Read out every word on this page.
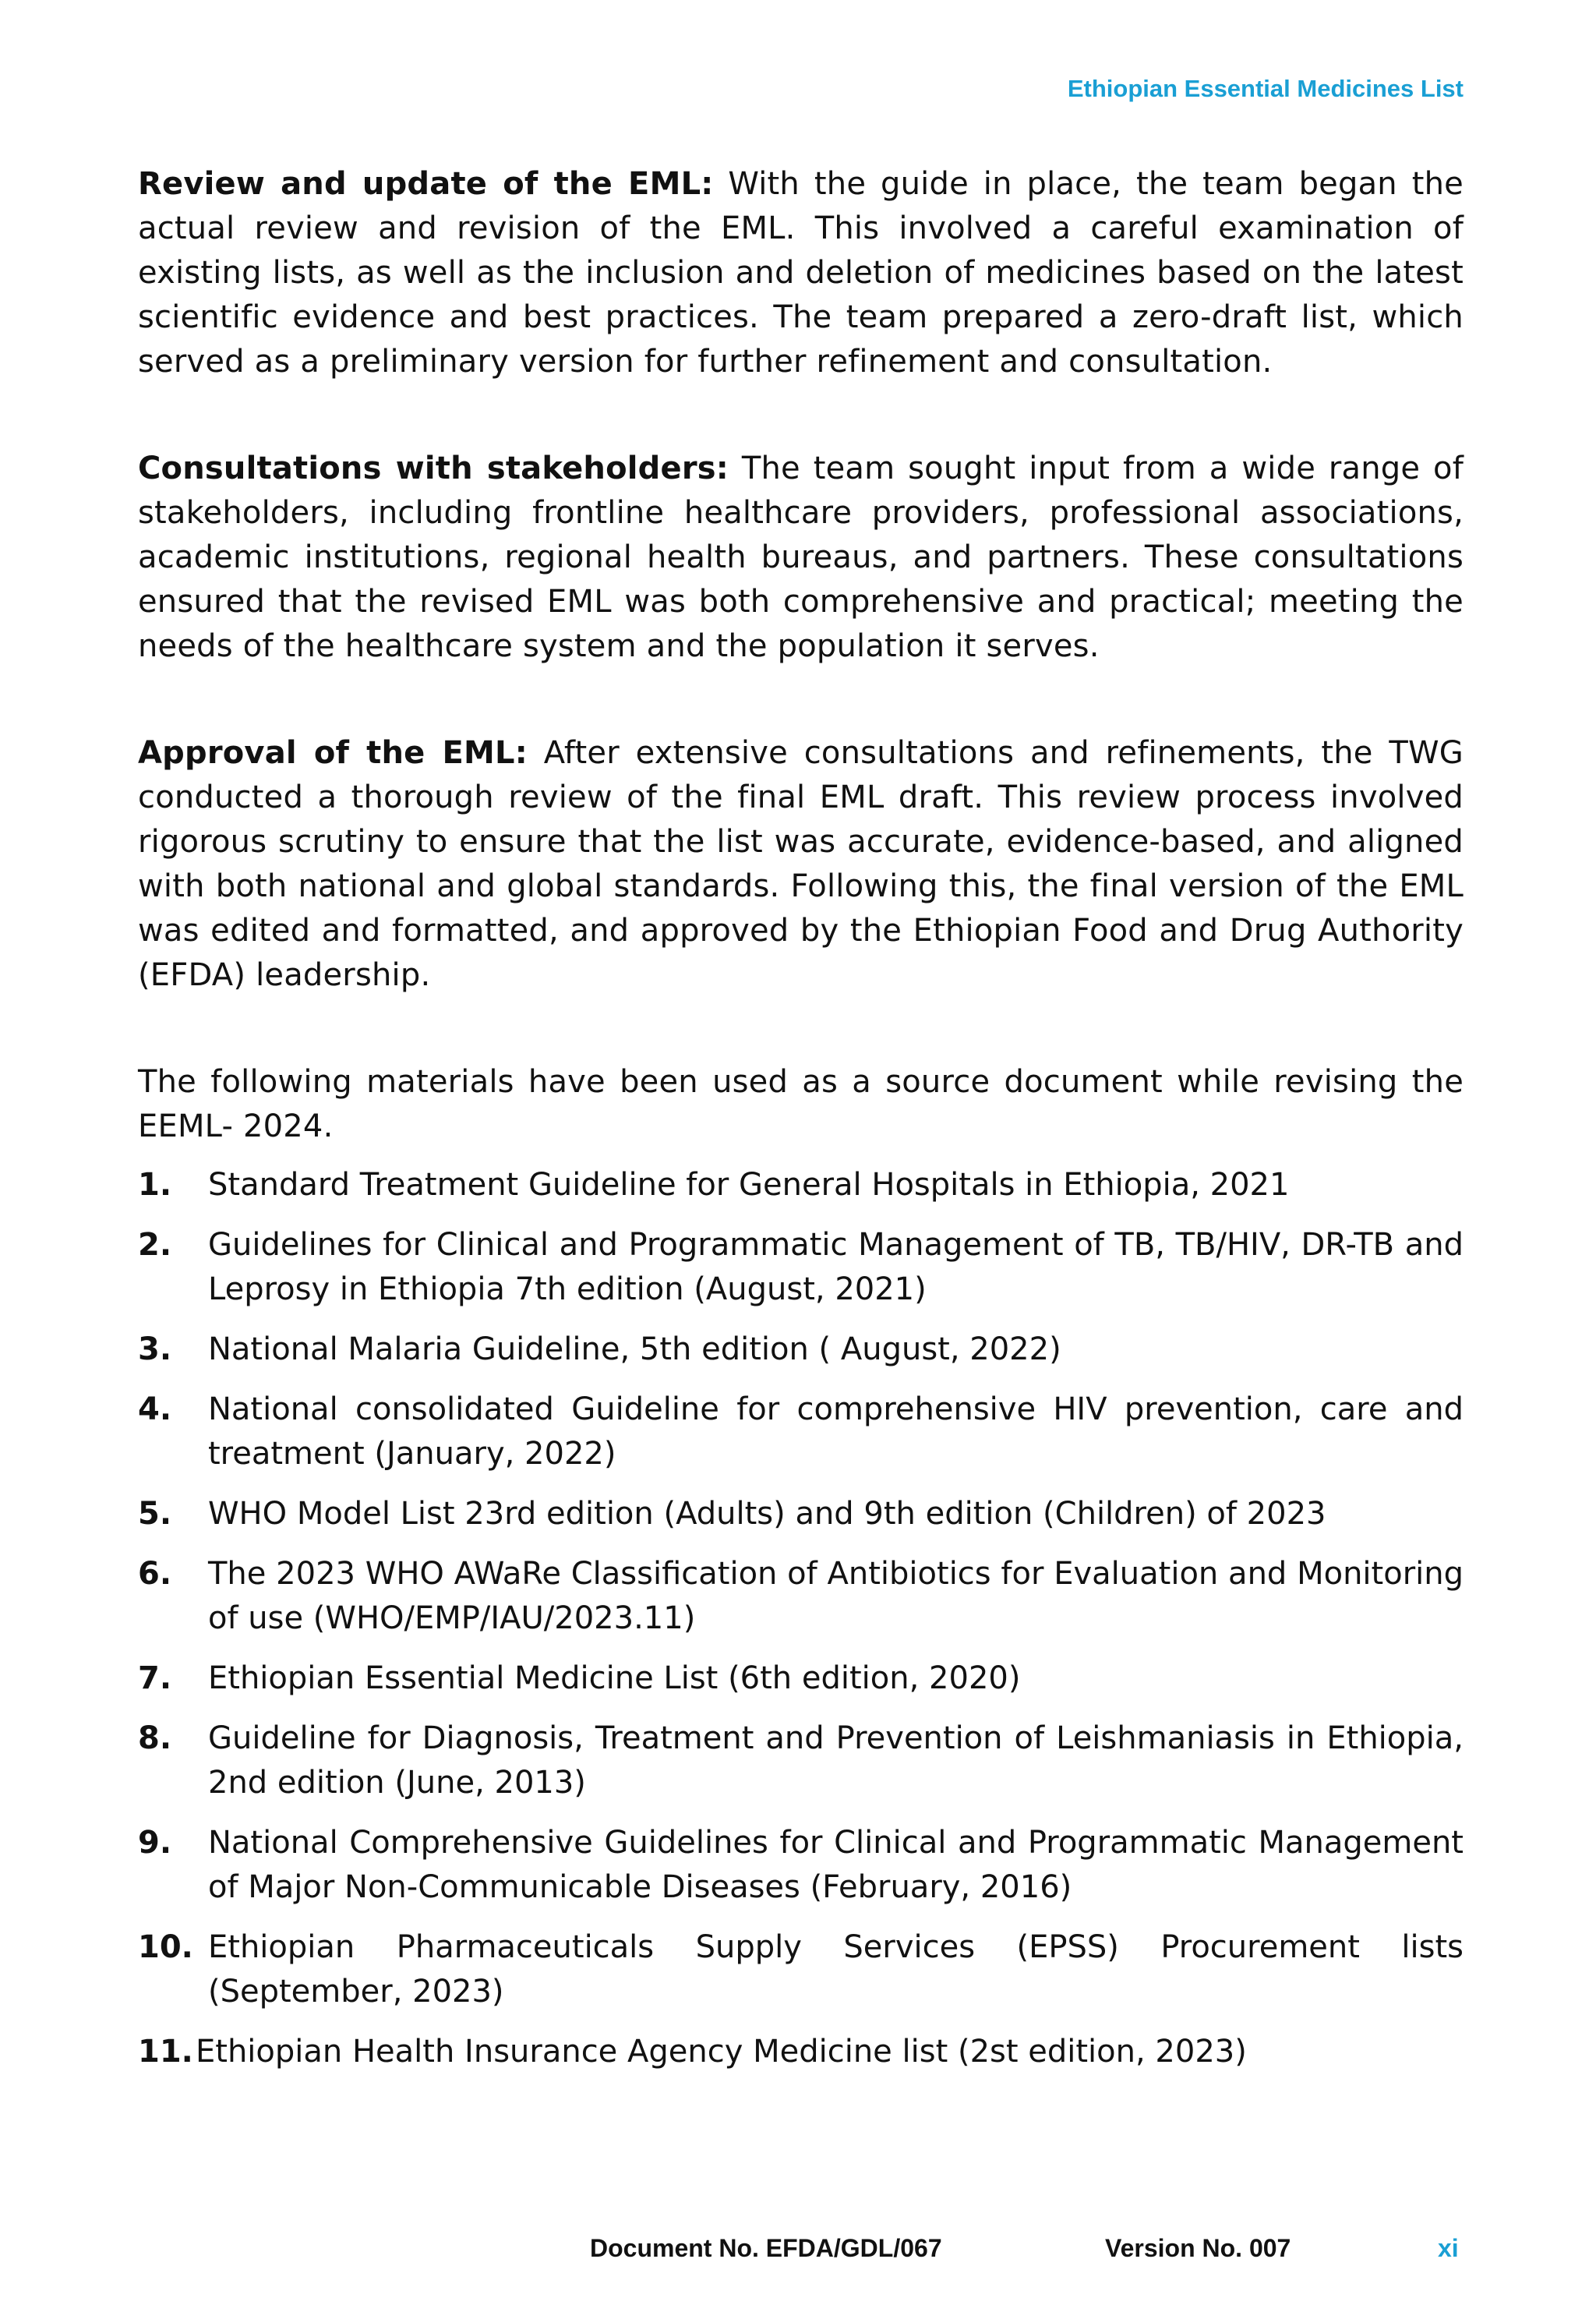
Ethiopian Essential Medicines List

Review and update of the EML: With the guide in place, the team began the actual review and revision of the EML. This involved a careful examination of existing lists, as well as the inclusion and deletion of medicines based on the latest scientific evidence and best practices. The team prepared a zero-draft list, which served as a preliminary version for further refinement and consultation.

Consultations with stakeholders: The team sought input from a wide range of stakeholders, including frontline healthcare providers, professional associations, academic institutions, regional health bureaus, and partners. These consultations ensured that the revised EML was both comprehensive and practical; meeting the needs of the healthcare system and the population it serves.

Approval of the EML: After extensive consultations and refinements, the TWG conducted a thorough review of the final EML draft. This review process involved rigorous scrutiny to ensure that the list was accurate, evidence-based, and aligned with both national and global standards. Following this, the final version of the EML was edited and formatted, and approved by the Ethiopian Food and Drug Authority (EFDA) leadership.

The following materials have been used as a source document while revising the EEML- 2024.

1.	Standard Treatment Guideline for General Hospitals in Ethiopia, 2021
2.	Guidelines for Clinical and Programmatic Management of TB, TB/HIV, DR-TB and Leprosy in Ethiopia 7th edition (August, 2021)
3.	National Malaria Guideline, 5th edition ( August, 2022)
4.	National consolidated Guideline for comprehensive HIV prevention, care and treatment (January, 2022)
5.	WHO Model List 23rd edition (Adults) and 9th edition (Children) of 2023
6.	The 2023 WHO AWaRe Classification of Antibiotics for Evaluation and Monitoring of use (WHO/EMP/IAU/2023.11)
7.	Ethiopian Essential Medicine List (6th edition, 2020)
8.	Guideline for Diagnosis, Treatment and Prevention of Leishmaniasis in Ethiopia, 2nd edition (June, 2013)
9.	National Comprehensive Guidelines for Clinical and Programmatic Management of Major Non-Communicable Diseases (February, 2016)
10. Ethiopian Pharmaceuticals Supply Services (EPSS) Procurement lists (September, 2023)
11. Ethiopian Health Insurance Agency Medicine list (2st edition, 2023)
Document No. EFDA/GDL/067	Version No. 007	xi
